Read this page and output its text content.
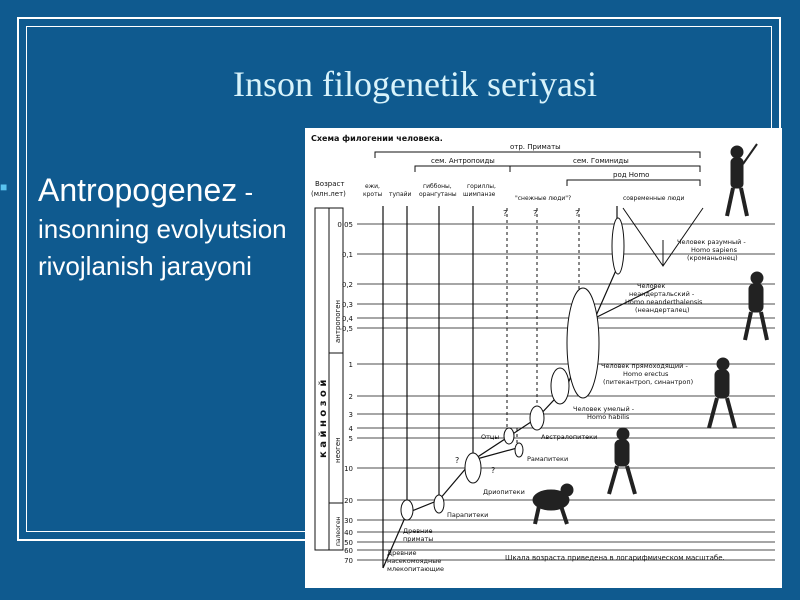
Inson filogenetik seriyasi
■ Antropogenez - insonning evolyutsion rivojlanish jarayoni
Схема филогении человека.
отр. Приматы
сем. Антропоиды	сем. Гоминиды
род Homo
Возраст
(млн.лет)
ежи,
кроты тупайи
гиббоны,
орангутаны
гориллы,
шимпанзе
"снежные люди"?	современные люди
к а й н о з о й
антропоген
неоген
палеоген
0,05
0,1
0,2
0,3
0,4
0,5
1
2
3
4
5
10
20
30
40
50
60
70
?	?	?
?
?
Человек разумный -
Homo sapiens
(кроманьонец)
Человек
неандертальский -
Homo neanderthalensis
(неандерталец)
Человек прямоходящий -
Homo erectus
(питекантроп, синантроп)
Человек умелый -
Homo habilis
Отцы	Австралопитеки
Рамапитеки
Дриопитеки
Парапитеки
Древние
приматы
Древние
насекомоядные
млекопитающие
Шкала возраста приведена в логарифмическом масштабе.
